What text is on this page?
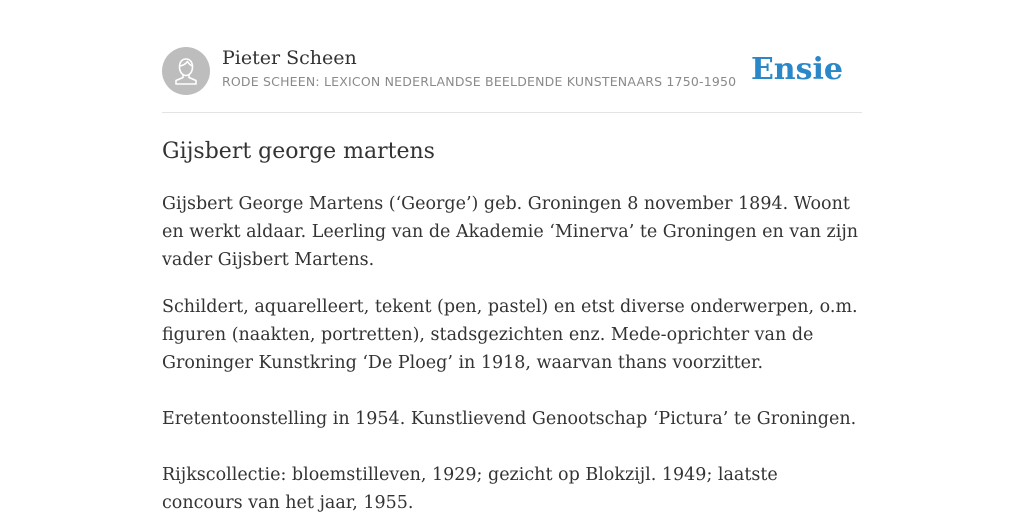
Pieter Scheen
RODE SCHEEN: LEXICON NEDERLANDSE BEELDENDE KUNSTENAARS 1750-1950 Ensie
Gijsbert george martens

Gijsbert George Martens (‘George’) geb. Groningen 8 november 1894. Woont en werkt aldaar. Leerling van de Akademie ‘Minerva’ te Groningen en van zijn vader Gijsbert Martens.

Schildert, aquarelleert, tekent (pen, pastel) en etst diverse onderwerpen, o.m. figuren (naakten, portretten), stadsgezichten enz. Mede-oprichter van de Groninger Kunstkring ‘De Ploeg’ in 1918, waarvan thans voorzitter.

Eretentoonstelling in 1954. Kunstlievend Genootschap ‘Pictura’ te Groningen.

Rijkscollectie: bloemstilleven, 1929; gezicht op Blokzijl. 1949; laatste concours van het jaar, 1955.
